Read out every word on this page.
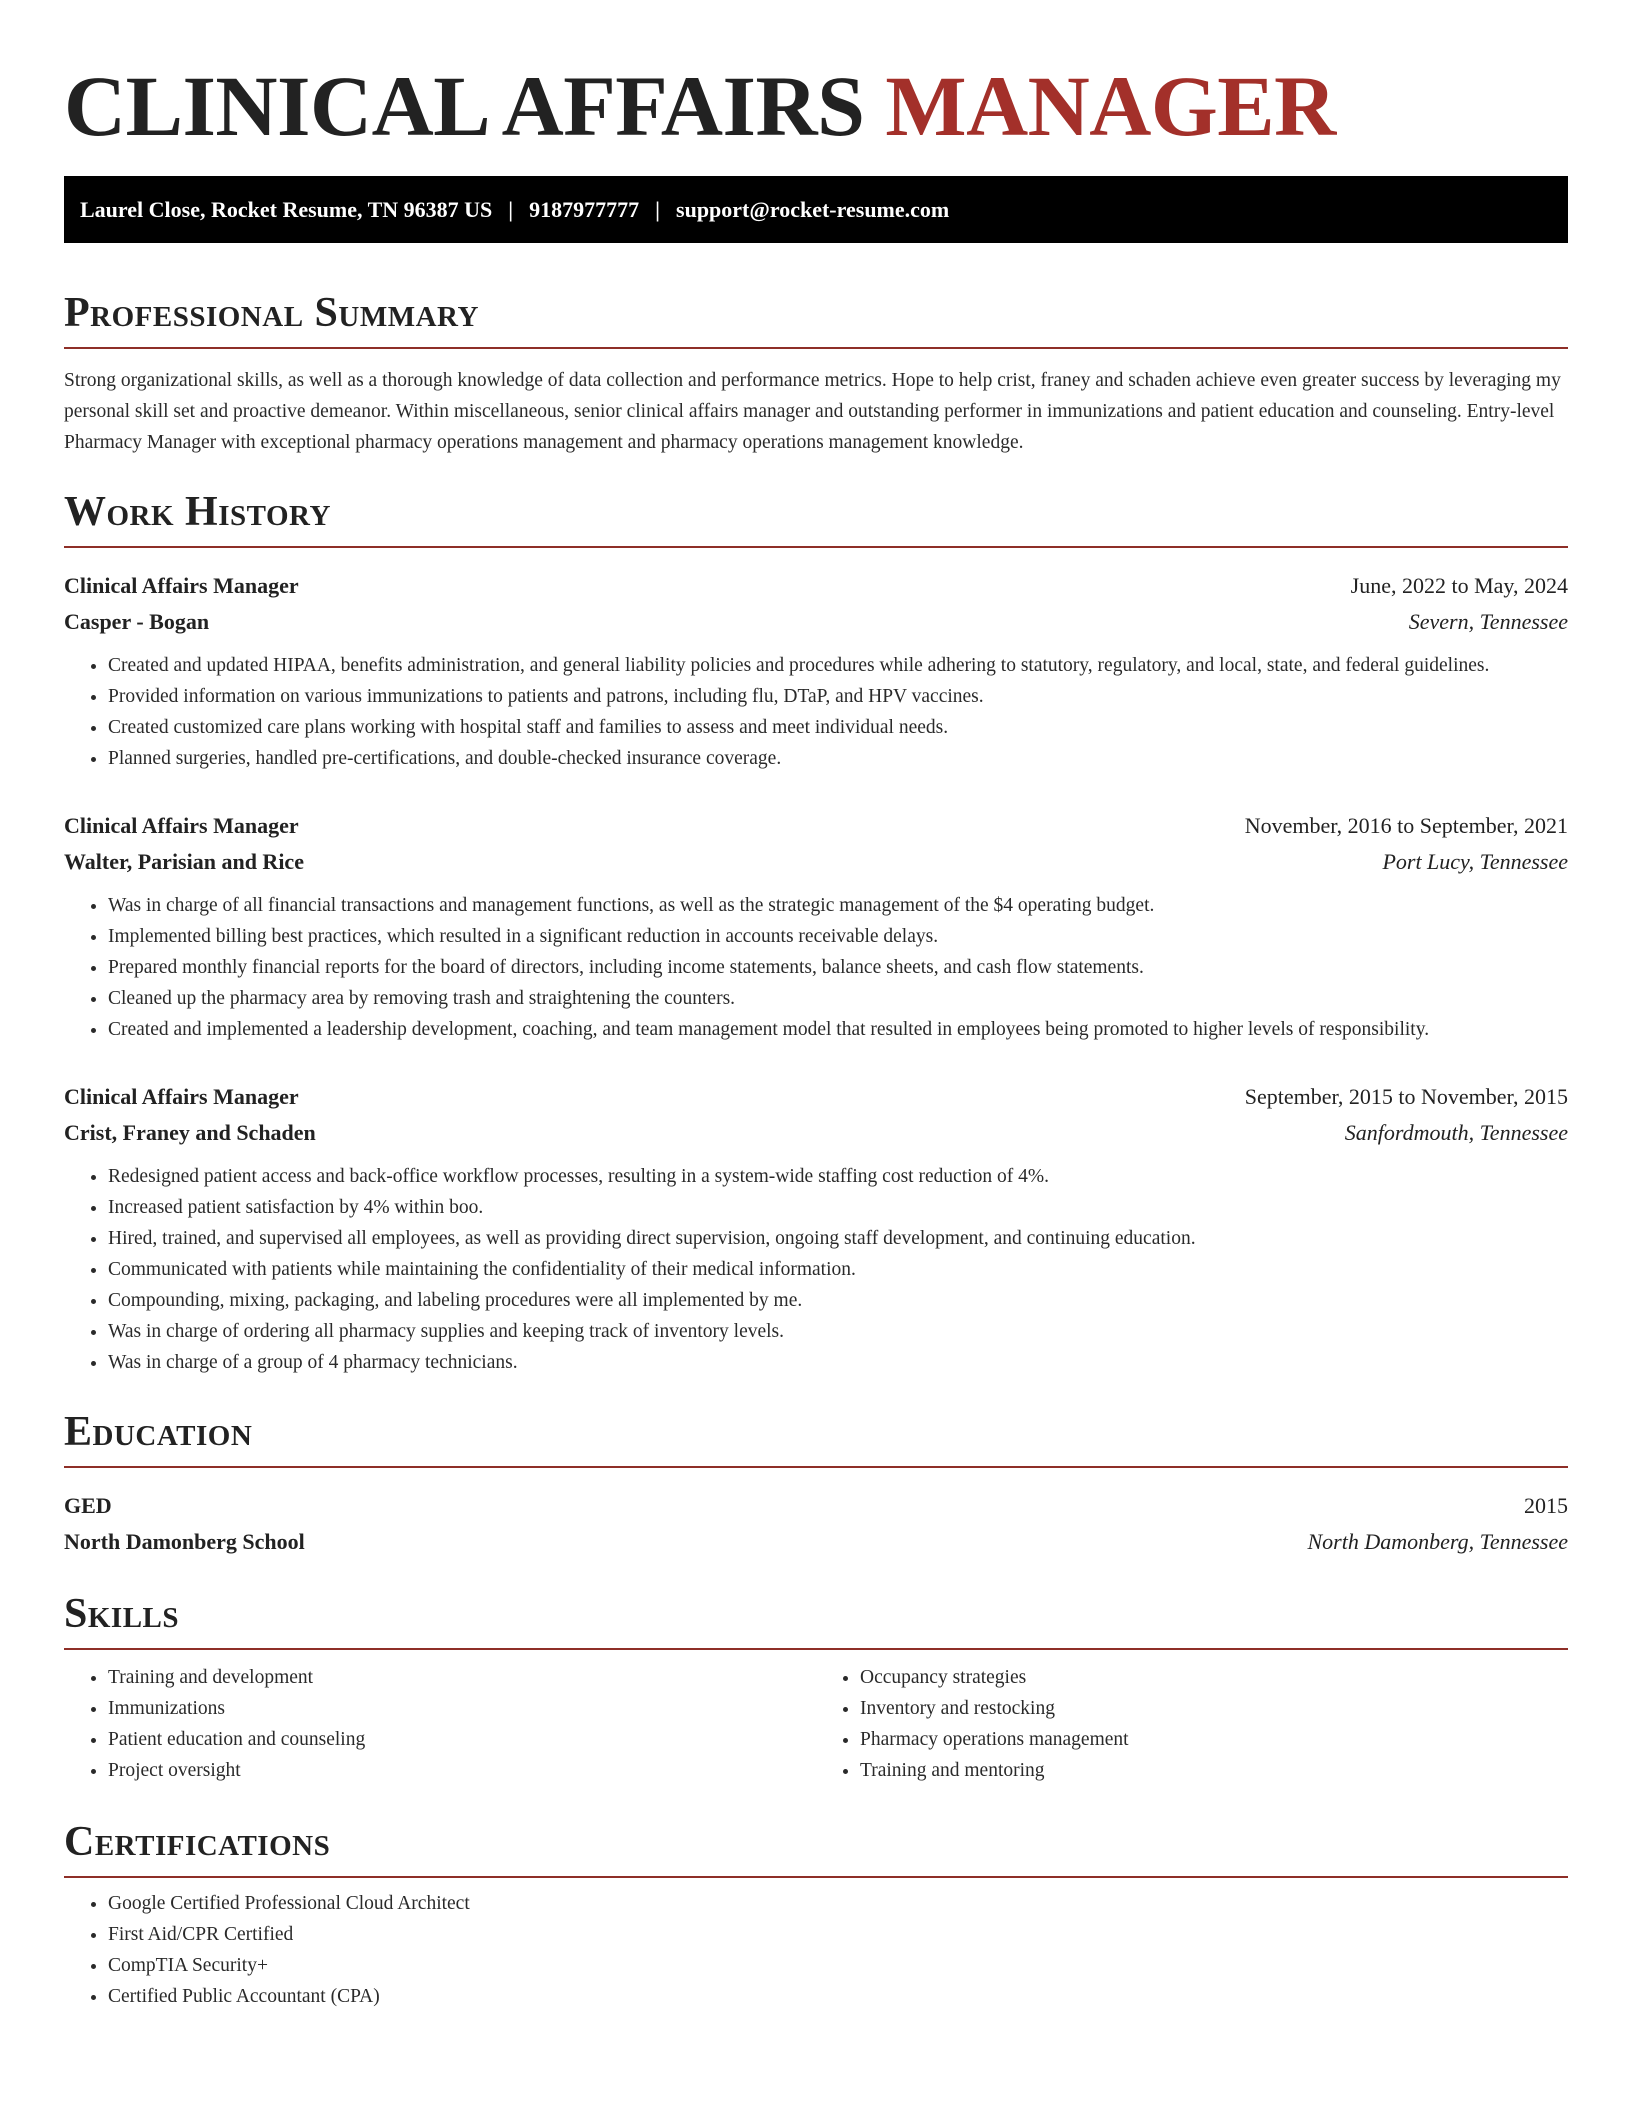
CLINICAL AFFAIRS MANAGER
Laurel Close, Rocket Resume, TN 96387 US | 9187977777 | support@rocket-resume.com
Professional Summary

Strong organizational skills, as well as a thorough knowledge of data collection and performance metrics. Hope to help crist, franey and schaden achieve even greater success by leveraging my personal skill set and proactive demeanor. Within miscellaneous, senior clinical affairs manager and outstanding performer in immunizations and patient education and counseling. Entry-level Pharmacy Manager with exceptional pharmacy operations management and pharmacy operations management knowledge.

Work History
Clinical Affairs Manager	June, 2022 to May, 2024
Casper - Bogan	Severn, Tennessee
• Created and updated HIPAA, benefits administration, and general liability policies and procedures while adhering to statutory, regulatory, and local, state, and federal guidelines.
• Provided information on various immunizations to patients and patrons, including flu, DTaP, and HPV vaccines.
• Created customized care plans working with hospital staff and families to assess and meet individual needs.
• Planned surgeries, handled pre-certifications, and double-checked insurance coverage.
Clinical Affairs Manager	November, 2016 to September, 2021
Walter, Parisian and Rice	Port Lucy, Tennessee
• Was in charge of all financial transactions and management functions, as well as the strategic management of the $4 operating budget.
• Implemented billing best practices, which resulted in a significant reduction in accounts receivable delays.
• Prepared monthly financial reports for the board of directors, including income statements, balance sheets, and cash flow statements.
• Cleaned up the pharmacy area by removing trash and straightening the counters.
• Created and implemented a leadership development, coaching, and team management model that resulted in employees being promoted to higher levels of responsibility.
Clinical Affairs Manager	September, 2015 to November, 2015
Crist, Franey and Schaden	Sanfordmouth, Tennessee
• Redesigned patient access and back-office workflow processes, resulting in a system-wide staffing cost reduction of 4%.
• Increased patient satisfaction by 4% within boo.
• Hired, trained, and supervised all employees, as well as providing direct supervision, ongoing staff development, and continuing education.
• Communicated with patients while maintaining the confidentiality of their medical information.
• Compounding, mixing, packaging, and labeling procedures were all implemented by me.
• Was in charge of ordering all pharmacy supplies and keeping track of inventory levels.
• Was in charge of a group of 4 pharmacy technicians.
Education
GED	2015
North Damonberg School	North Damonberg, Tennessee
Skills
• Training and development
• Immunizations
• Patient education and counseling
• Project oversight
• Occupancy strategies
• Inventory and restocking
• Pharmacy operations management
• Training and mentoring
Certifications
• Google Certified Professional Cloud Architect
• First Aid/CPR Certified
• CompTIA Security+
• Certified Public Accountant (CPA)
